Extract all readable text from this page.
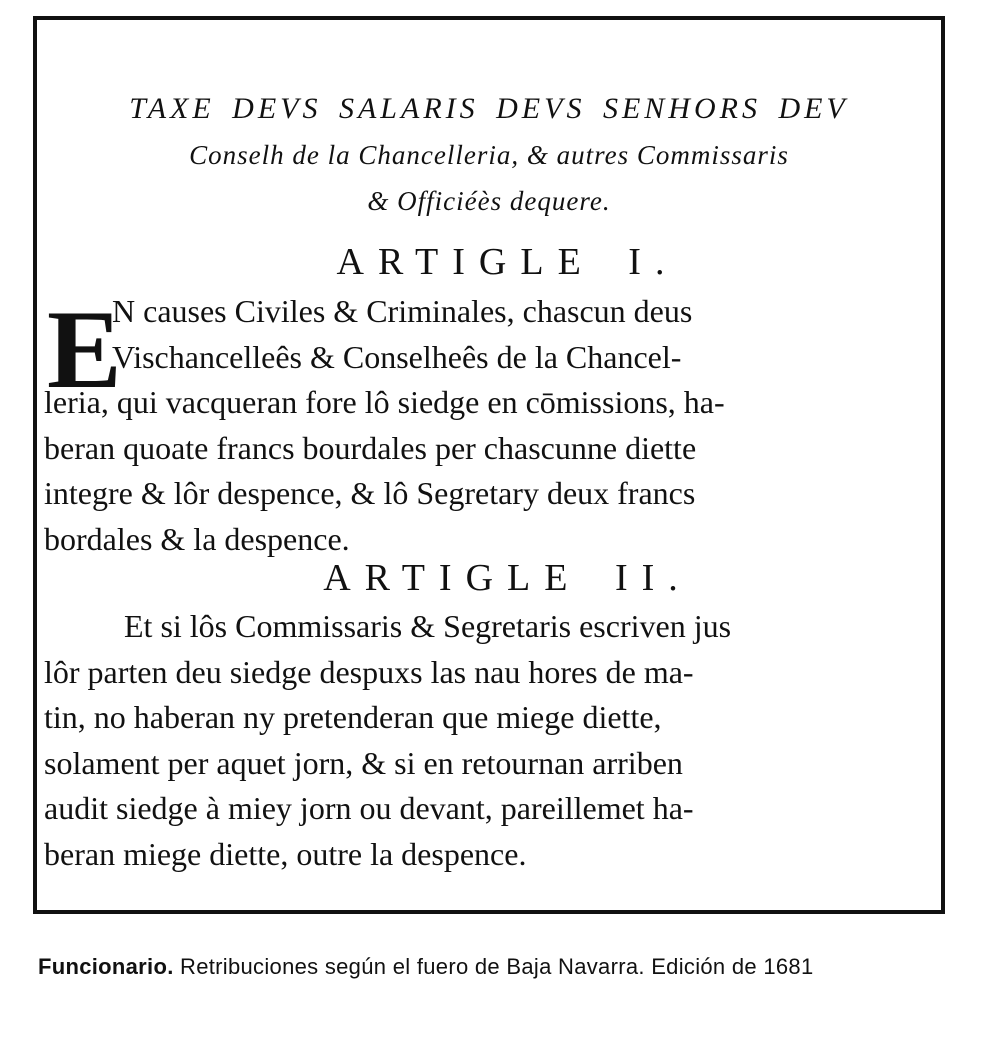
TAXE DEVS SALARIS DEVS SENHORS DEV
Conselh de la Chancelleria, & autres Commissaris
& Officiéès dequere.
ARTIGLE I.
E
N causes Civiles & Criminales, chascun deus
Vischancelleês & Conselheês de la Chancel-
leria, qui vacqueran fore lô siedge en cōmissions, ha-
beran quoate francs bourdales per chascunne diette
integre & lôr despence, & lô Segretary deux francs
bordales & la despence.
ARTIGLE II.
Et si lôs Commissaris & Segretaris escriven jus
lôr parten deu siedge despuxs las nau hores de ma-
tin, no haberan ny pretenderan que miege diette,
solament per aquet jorn, & si en retournan arriben
audit siedge à miey jorn ou devant, pareillemet ha-
beran miege diette, outre la despence.
Funcionario. Retribuciones según el fuero de Baja Navarra. Edición de 1681
